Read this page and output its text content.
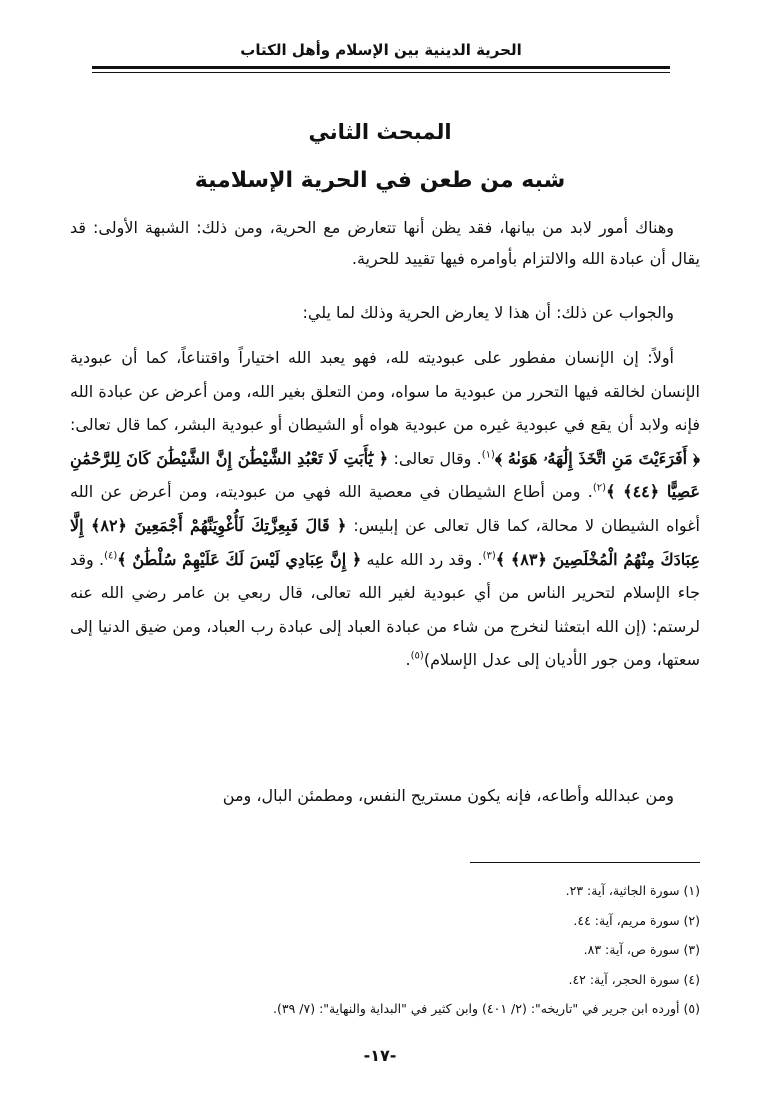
الحرية الدينية بين الإسلام وأهل الكتاب
المبحث الثاني
شبه من طعن في الحرية الإسلامية
وهناك أمور لابد من بيانها، فقد يظن أنها تتعارض مع الحرية، ومن ذلك: الشبهة الأولى: قد يقال أن عبادة الله والالتزام بأوامره فيها تقييد للحرية.
والجواب عن ذلك: أن هذا لا يعارض الحرية وذلك لما يلي:
أولاً: إن الإنسان مفطور على عبوديته لله، فهو يعبد الله اختياراً واقتناعاً، كما أن عبودية الإنسان لخالقه فيها التحرر من عبودية ما سواه، ومن التعلق بغير الله، ومن أعرض عن عبادة الله فإنه ولابد أن يقع في عبودية غيره من عبودية هواه أو الشيطان أو عبودية البشر، كما قال تعالى: ﴿ أَفَرَءَيْتَ مَنِ اتَّخَذَ إِلَٰهَهُۥ هَوَىٰهُ ﴾$^{(١)}$. وقال تعالى: ﴿ يَٰٓأَبَتِ لَا تَعْبُدِ الشَّيْطَٰنَ إِنَّ الشَّيْطَٰنَ كَانَ لِلرَّحْمَٰنِ عَصِيًّا ﴿٤٤﴾ ﴾$^{(٢)}$. ومن أطاع الشيطان في معصية الله فهي من عبوديته، ومن أعرض عن الله أغواه الشيطان لا محالة، كما قال تعالى عن إبليس: ﴿ قَالَ فَبِعِزَّتِكَ لَأُغْوِيَنَّهُمْ أَجْمَعِينَ ﴿٨٢﴾ إِلَّا عِبَادَكَ مِنْهُمُ الْمُخْلَصِينَ ﴿٨٣﴾ ﴾$^{(٣)}$. وقد رد الله عليه ﴿ إِنَّ عِبَادِي لَيْسَ لَكَ عَلَيْهِمْ سُلْطَٰنٌ ﴾$^{(٤)}$. وقد جاء الإسلام لتحرير الناس من أي عبودية لغير الله تعالى، قال ربعي بن عامر رضي الله عنه لرستم: (إن الله ابتعثنا لنخرج من شاء من عبادة العباد إلى عبادة رب العباد، ومن ضيق الدنيا إلى سعتها، ومن جور الأديان إلى عدل الإسلام)$^{(٥)}$.
ومن عبدالله وأطاعه، فإنه يكون مستريح النفس، ومطمئن البال، ومن
(١) سورة الجاثية، آية: ٢٣.
(٢) سورة مريم، آية: ٤٤.
(٣) سورة ص، آية: ٨٣.
(٤) سورة الحجر، آية: ٤٢.
(٥) أورده ابن جرير في "تاريخه": (٢/ ٤٠١) وابن كثير في "البداية والنهاية": (٧/ ٣٩).
-١٧-
